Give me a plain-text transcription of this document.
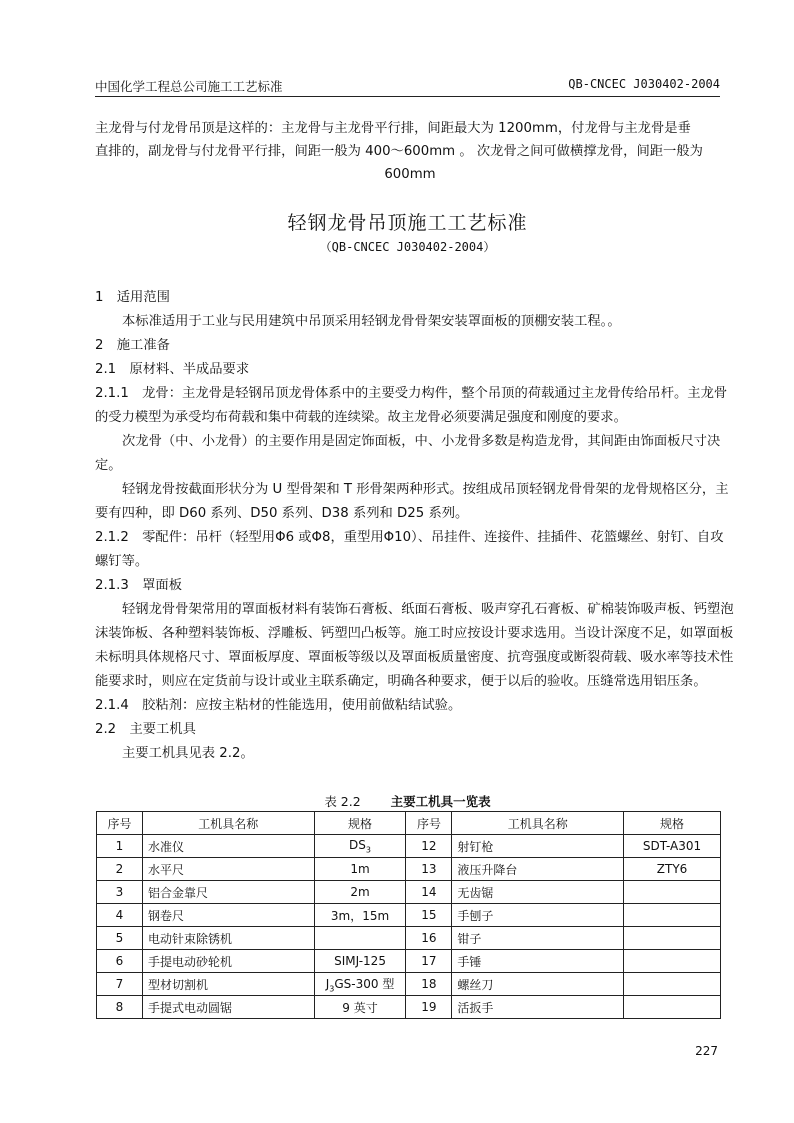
中国化学工程总公司施工工艺标准	QB-CNCEC J030402-2004

主龙骨与付龙骨吊顶是这样的：主龙骨与主龙骨平行排，间距最大为 1200mm，付龙骨与主龙骨是垂

直排的，副龙骨与付龙骨平行排，间距一般为 400～600mm 。 次龙骨之间可做横撑龙骨，间距一般为

600mm

轻钢龙骨吊顶施工工艺标准
（QB-CNCEC J030402-2004）

1　适用范围

本标准适用于工业与民用建筑中吊顶采用轻钢龙骨骨架安装罩面板的顶棚安装工程。。

2　施工准备

2.1　原材料、半成品要求

2.1.1　龙骨：主龙骨是轻钢吊顶龙骨体系中的主要受力构件，整个吊顶的荷载通过主龙骨传给吊杆。主龙骨的受力模型为承受均布荷载和集中荷载的连续梁。故主龙骨必须要满足强度和刚度的要求。

次龙骨（中、小龙骨）的主要作用是固定饰面板，中、小龙骨多数是构造龙骨，其间距由饰面板尺寸决定。

轻钢龙骨按截面形状分为 U 型骨架和 T 形骨架两种形式。按组成吊顶轻钢龙骨骨架的龙骨规格区分，主要有四种，即 D60 系列、D50 系列、D38 系列和 D25 系列。

2.1.2　零配件：吊杆（轻型用Φ6 或Φ8，重型用Φ10）、吊挂件、连接件、挂插件、花篮螺丝、射钉、自攻螺钉等。

2.1.3　罩面板

轻钢龙骨骨架常用的罩面板材料有装饰石膏板、纸面石膏板、吸声穿孔石膏板、矿棉装饰吸声板、钙塑泡沫装饰板、各种塑料装饰板、浮雕板、钙塑凹凸板等。施工时应按设计要求选用。当设计深度不足，如罩面板未标明具体规格尺寸、罩面板厚度、罩面板等级以及罩面板质量密度、抗弯强度或断裂荷载、吸水率等技术性能要求时，则应在定货前与设计或业主联系确定，明确各种要求，便于以后的验收。压缝常选用铝压条。

2.1.4　胶粘剂：应按主粘材的性能选用，使用前做粘结试验。

2.2　主要工机具

主要工机具见表 2.2。

表 2.2 主要工机具一览表
序号	工机具名称	规格	序号	工机具名称	规格
1	水准仪	$DS_3$	12	射钉枪	SDT-A301
2	水平尺	1m	13	液压升降台	ZTY6
3	铝合金靠尺	2m	14	无齿锯	
4	钢卷尺	3m，15m	15	手刨子	
5	电动针束除锈机		16	钳子	
6	手提电动砂轮机	SIMJ-125	17	手锤	
7	型材切割机	$J_3GS-300$ 型	18	螺丝刀	
8	手提式电动圆锯	9 英寸	19	活扳手	
227
